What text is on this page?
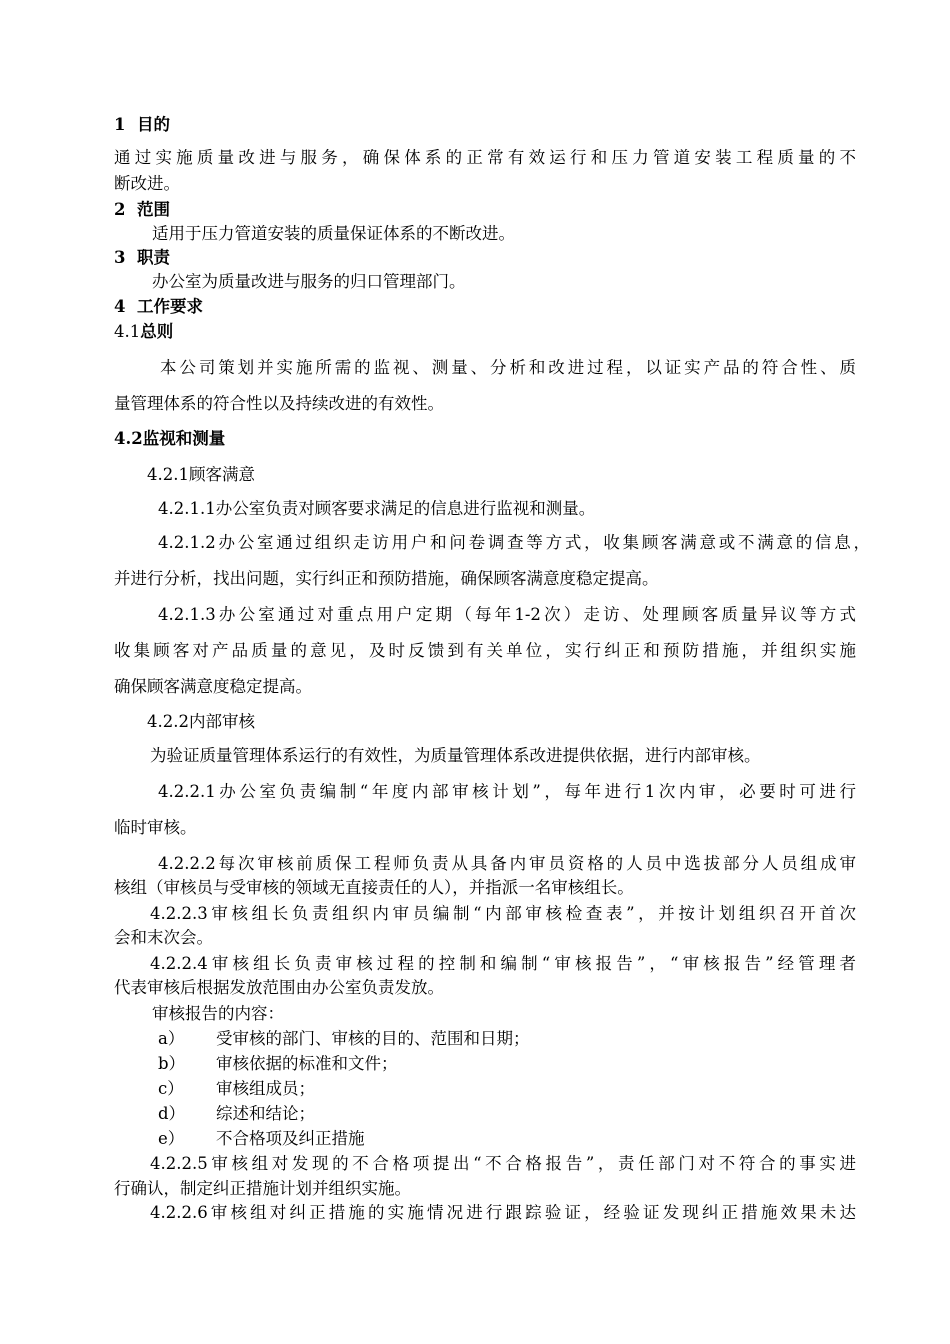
1 目的
通过实施质量改进与服务，确保体系的正常有效运行和压力管道安装工程质量的不
断改进。
2 范围
适用于压力管道安装的质量保证体系的不断改进。
3 职责
办公室为质量改进与服务的归口管理部门。
4 工作要求
4.1总则
本公司策划并实施所需的监视、测量、分析和改进过程，以证实产品的符合性、质
量管理体系的符合性以及持续改进的有效性。
4.2监视和测量
4.2.1顾客满意
4.2.1.1办公室负责对顾客要求满足的信息进行监视和测量。
4.2.1.2办公室通过组织走访用户和问卷调查等方式，收集顾客满意或不满意的信息，
并进行分析，找出问题，实行纠正和预防措施，确保顾客满意度稳定提高。
4.2.1.3办公室通过对重点用户定期（每年1-2次）走访、处理顾客质量异议等方式
收集顾客对产品质量的意见，及时反馈到有关单位，实行纠正和预防措施，并组织实施
确保顾客满意度稳定提高。
4.2.2内部审核
为验证质量管理体系运行的有效性，为质量管理体系改进提供依据，进行内部审核。
4.2.2.1办公室负责编制“年度内部审核计划”，每年进行1次内审，必要时可进行
临时审核。
4.2.2.2每次审核前质保工程师负责从具备内审员资格的人员中选拔部分人员组成审
核组（审核员与受审核的领域无直接责任的人），并指派一名审核组长。
4.2.2.3审核组长负责组织内审员编制“内部审核检查表”，并按计划组织召开首次
会和末次会。
4.2.2.4审核组长负责审核过程的控制和编制“审核报告”，“审核报告”经管理者
代表审核后根据发放范围由办公室负责发放。
审核报告的内容：
a） 受审核的部门、审核的目的、范围和日期；
b） 审核依据的标准和文件；
c） 审核组成员；
d） 综述和结论；
e） 不合格项及纠正措施
4.2.2.5审核组对发现的不合格项提出“不合格报告”，责任部门对不符合的事实进
行确认，制定纠正措施计划并组织实施。
4.2.2.6审核组对纠正措施的实施情况进行跟踪验证，经验证发现纠正措施效果未达
